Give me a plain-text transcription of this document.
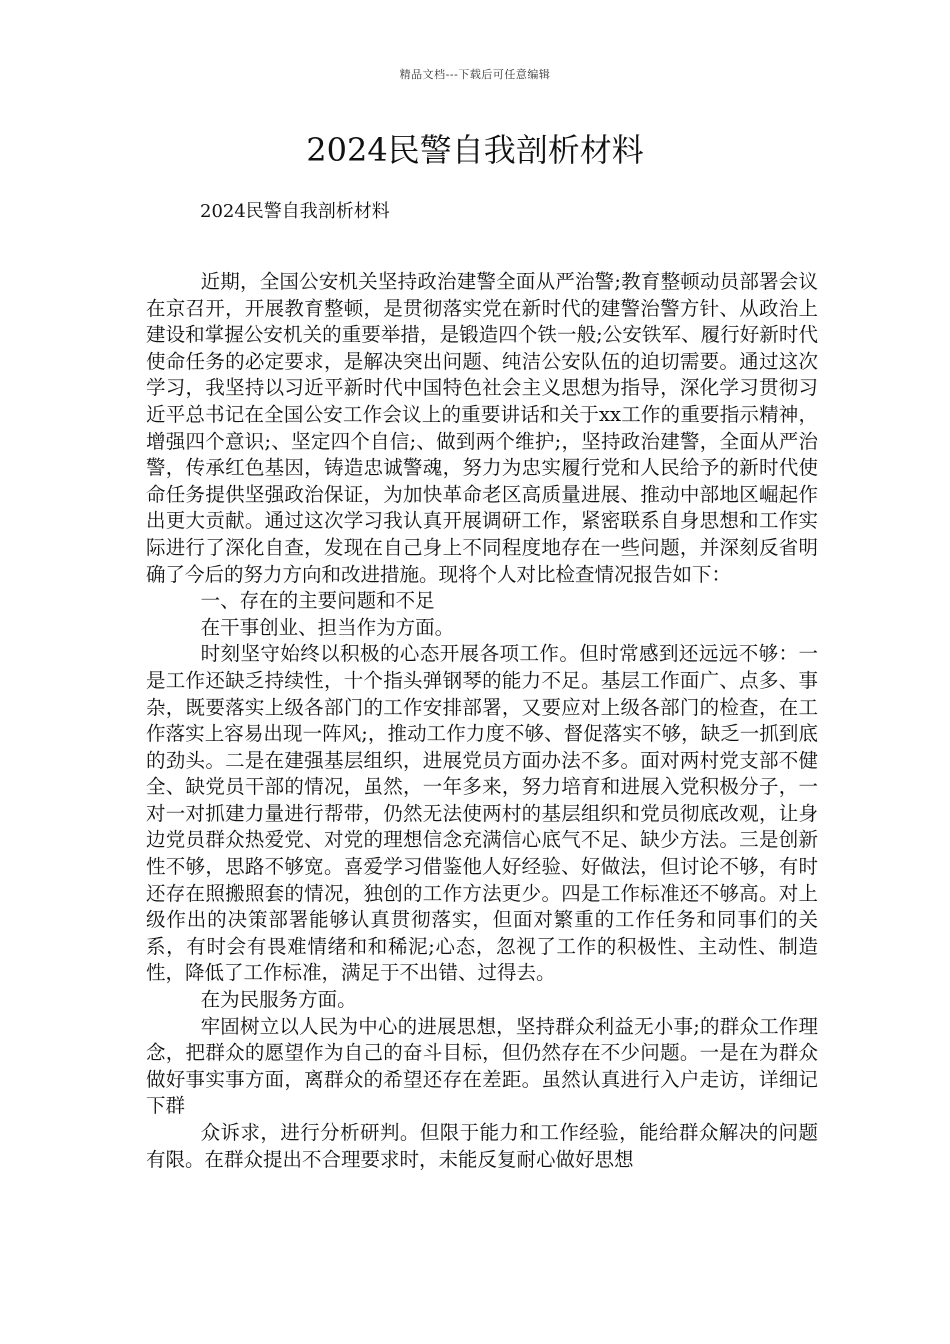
精品文档---下载后可任意编辑
2024民警自我剖析材料
2024民警自我剖析材料

近期，全国公安机关坚持政治建警全面从严治警;教育整顿动员部署会议在京召开，开展教育整顿，是贯彻落实党在新时代的建警治警方针、从政治上建设和掌握公安机关的重要举措，是锻造四个铁一般;公安铁军、履行好新时代使命任务的必定要求，是解决突出问题、纯洁公安队伍的迫切需要。通过这次学习，我坚持以习近平新时代中国特色社会主义思想为指导，深化学习贯彻习近平总书记在全国公安工作会议上的重要讲话和关于xx工作的重要指示精神，增强四个意识;、坚定四个自信;、做到两个维护;，坚持政治建警，全面从严治警，传承红色基因，铸造忠诚警魂，努力为忠实履行党和人民给予的新时代使命任务提供坚强政治保证，为加快革命老区高质量进展、推动中部地区崛起作出更大贡献。通过这次学习我认真开展调研工作，紧密联系自身思想和工作实际进行了深化自查，发现在自己身上不同程度地存在一些问题，并深刻反省明确了今后的努力方向和改进措施。现将个人对比检查情况报告如下：

一、存在的主要问题和不足

在干事创业、担当作为方面。

时刻坚守始终以积极的心态开展各项工作。但时常感到还远远不够：一是工作还缺乏持续性，十个指头弹钢琴的能力不足。基层工作面广、点多、事杂，既要落实上级各部门的工作安排部署，又要应对上级各部门的检查，在工作落实上容易出现一阵风;，推动工作力度不够、督促落实不够，缺乏一抓到底的劲头。二是在建强基层组织，进展党员方面办法不多。面对两村党支部不健全、缺党员干部的情况，虽然，一年多来，努力培育和进展入党积极分子，一对一对抓建力量进行帮带，仍然无法使两村的基层组织和党员彻底改观，让身边党员群众热爱党、对党的理想信念充满信心底气不足、缺少方法。三是创新性不够，思路不够宽。喜爱学习借鉴他人好经验、好做法，但讨论不够，有时还存在照搬照套的情况，独创的工作方法更少。四是工作标准还不够高。对上级作出的决策部署能够认真贯彻落实，但面对繁重的工作任务和同事们的关系，有时会有畏难情绪和和稀泥;心态，忽视了工作的积极性、主动性、制造性，降低了工作标准，满足于不出错、过得去。

在为民服务方面。

牢固树立以人民为中心的进展思想，坚持群众利益无小事;的群众工作理念，把群众的愿望作为自己的奋斗目标，但仍然存在不少问题。一是在为群众做好事实事方面，离群众的希望还存在差距。虽然认真进行入户走访，详细记下群

众诉求，进行分析研判。但限于能力和工作经验，能给群众解决的问题有限。在群众提出不合理要求时，未能反复耐心做好思想
